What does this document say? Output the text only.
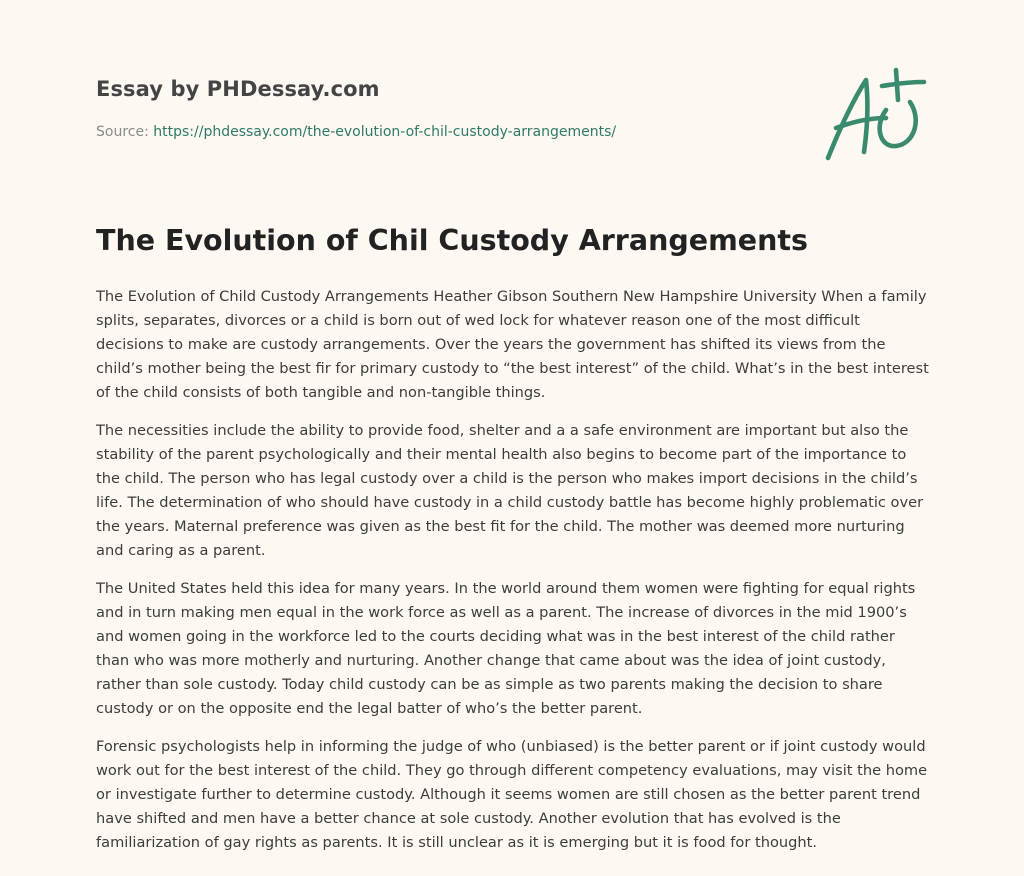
Essay by PHDessay.com

Source: https://phdessay.com/the-evolution-of-chil-custody-arrangements/

The Evolution of Chil Custody Arrangements

The Evolution of Child Custody Arrangements Heather Gibson Southern New Hampshire University When a family splits, separates, divorces or a child is born out of wed lock for whatever reason one of the most difficult decisions to make are custody arrangements. Over the years the government has shifted its views from the child’s mother being the best fir for primary custody to “the best interest” of the child. What’s in the best interest of the child consists of both tangible and non-tangible things.

The necessities include the ability to provide food, shelter and a a safe environment are important but also the stability of the parent psychologically and their mental health also begins to become part of the importance to the child. The person who has legal custody over a child is the person who makes import decisions in the child’s life. The determination of who should have custody in a child custody battle has become highly problematic over the years. Maternal preference was given as the best fit for the child. The mother was deemed more nurturing and caring as a parent.

The United States held this idea for many years. In the world around them women were fighting for equal rights and in turn making men equal in the work force as well as a parent. The increase of divorces in the mid 1900’s and women going in the workforce led to the courts deciding what was in the best interest of the child rather than who was more motherly and nurturing. Another change that came about was the idea of joint custody, rather than sole custody. Today child custody can be as simple as two parents making the decision to share custody or on the opposite end the legal batter of who’s the better parent.

Forensic psychologists help in informing the judge of who (unbiased) is the better parent or if joint custody would work out for the best interest of the child. They go through different competency evaluations, may visit the home or investigate further to determine custody. Although it seems women are still chosen as the better parent trend have shifted and men have a better chance at sole custody. Another evolution that has evolved is the familiarization of gay rights as parents. It is still unclear as it is emerging but it is food for thought.
